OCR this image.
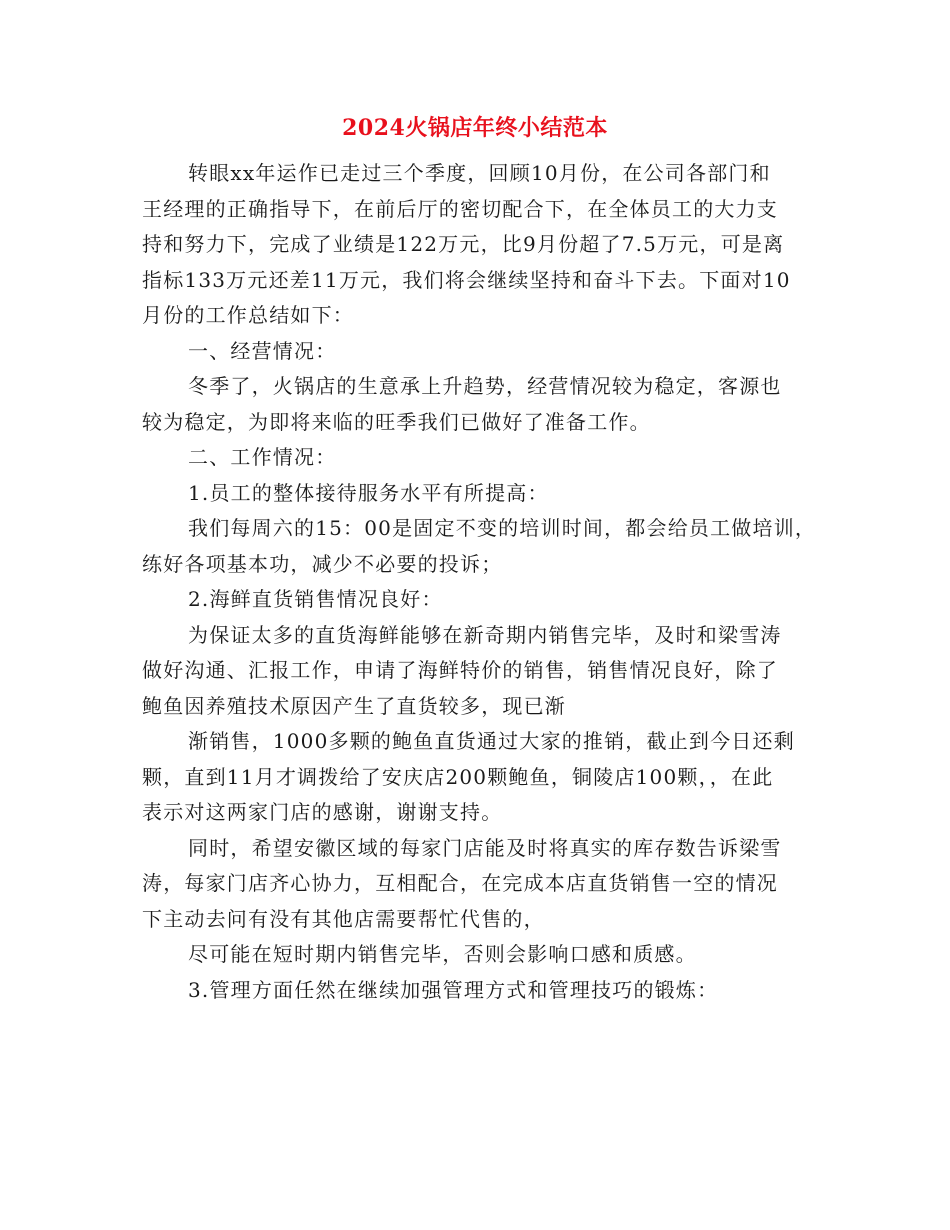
2024火锅店年终小结范本
转眼xx年运作已走过三个季度，回顾10月份，在公司各部门和
王经理的正确指导下，在前后厅的密切配合下，在全体员工的大力支
持和努力下，完成了业绩是122万元，比9月份超了7.5万元，可是离
指标133万元还差11万元，我们将会继续坚持和奋斗下去。下面对10
月份的工作总结如下：
一、经营情况：
冬季了，火锅店的生意承上升趋势，经营情况较为稳定，客源也
较为稳定，为即将来临的旺季我们已做好了准备工作。
二、工作情况：
1.员工的整体接待服务水平有所提高：
我们每周六的15：00是固定不变的培训时间，都会给员工做培训，
练好各项基本功，减少不必要的投诉；
2.海鲜直货销售情况良好：
为保证太多的直货海鲜能够在新奇期内销售完毕，及时和梁雪涛
做好沟通、汇报工作，申请了海鲜特价的销售，销售情况良好，除了
鲍鱼因养殖技术原因产生了直货较多，现已渐
渐销售，1000多颗的鲍鱼直货通过大家的推销，截止到今日还剩
颗，直到11月才调拨给了安庆店200颗鲍鱼，铜陵店100颗，，在此
表示对这两家门店的感谢，谢谢支持。
同时，希望安徽区域的每家门店能及时将真实的库存数告诉梁雪
涛，每家门店齐心协力，互相配合，在完成本店直货销售一空的情况
下主动去问有没有其他店需要帮忙代售的，
尽可能在短时期内销售完毕，否则会影响口感和质感。
3.管理方面任然在继续加强管理方式和管理技巧的锻炼：
